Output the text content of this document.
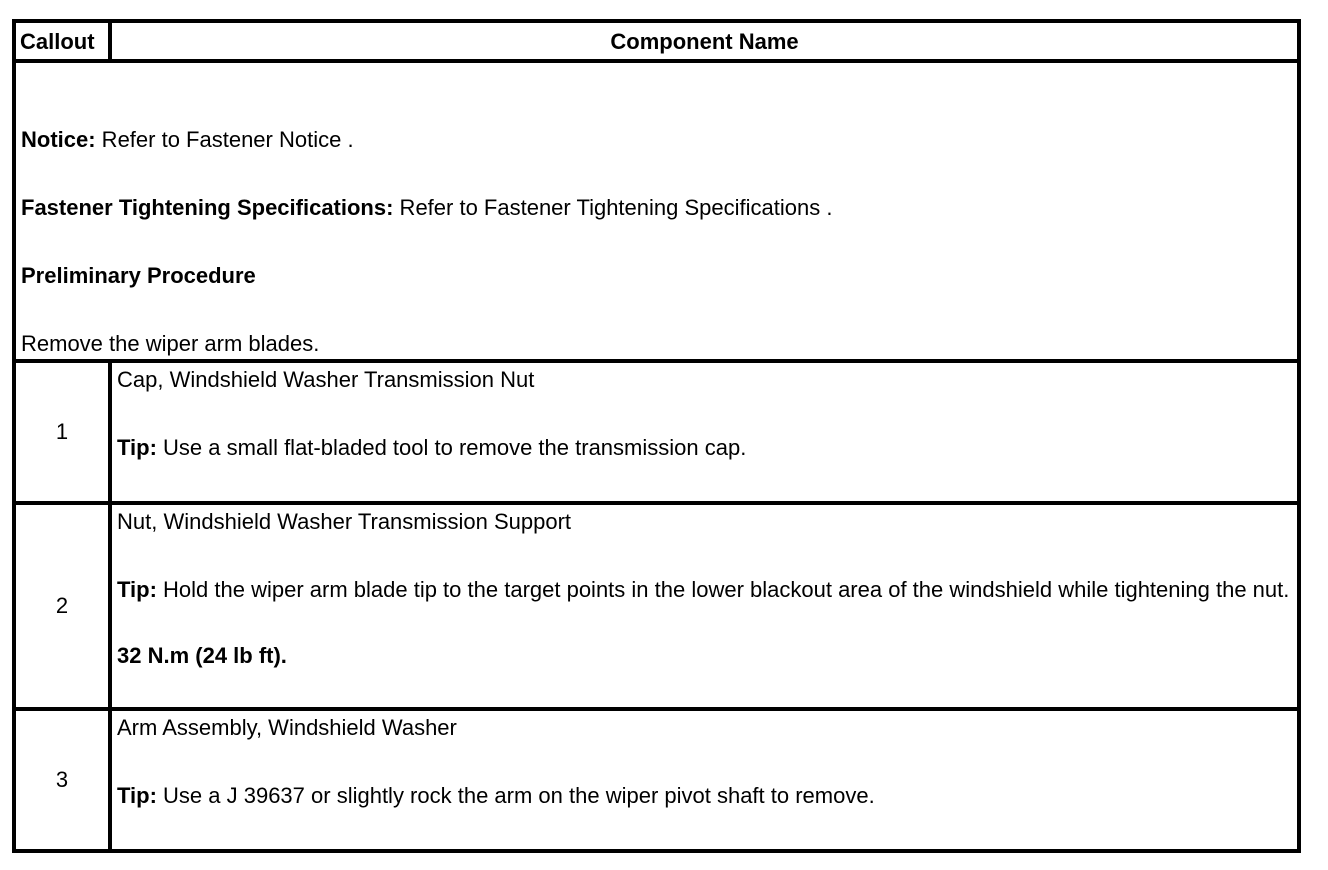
Callout	Component Name

Notice: Refer to Fastener Notice .

Fastener Tightening Specifications: Refer to Fastener Tightening Specifications .

Preliminary Procedure

Remove the wiper arm blades.	

1	Cap, Windshield Washer Transmission Nut

Tip: Use a small flat-bladed tool to remove the transmission cap.

2	Nut, Windshield Washer Transmission Support

Tip: Hold the wiper arm blade tip to the target points in the lower blackout area of the windshield while tightening the nut.

32 N.m (24 lb ft).

3	Arm Assembly, Windshield Washer

Tip: Use a J 39637 or slightly rock the arm on the wiper pivot shaft to remove.
